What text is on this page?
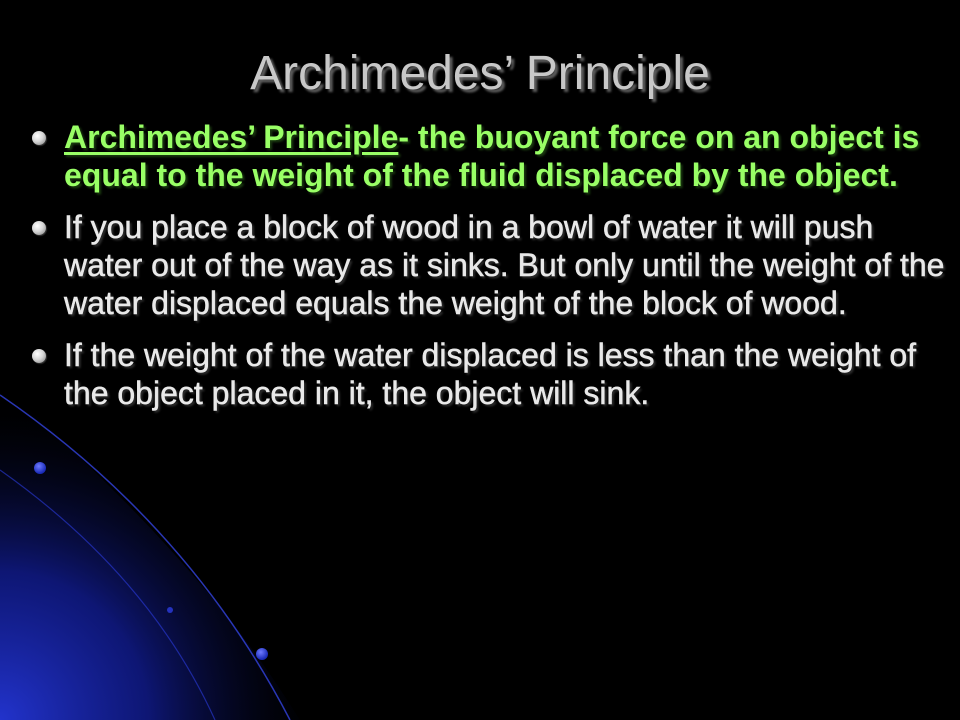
Archimedes’ Principle
Archimedes’ Principle- the buoyant force on an object is equal to the weight of the fluid displaced by the object.
If you place a block of wood in a bowl of water it will push water out of the way as it sinks. But only until the weight of the water displaced equals the weight of the block of wood.
If the weight of the water displaced is less than the weight of the object placed in it, the object will sink.
